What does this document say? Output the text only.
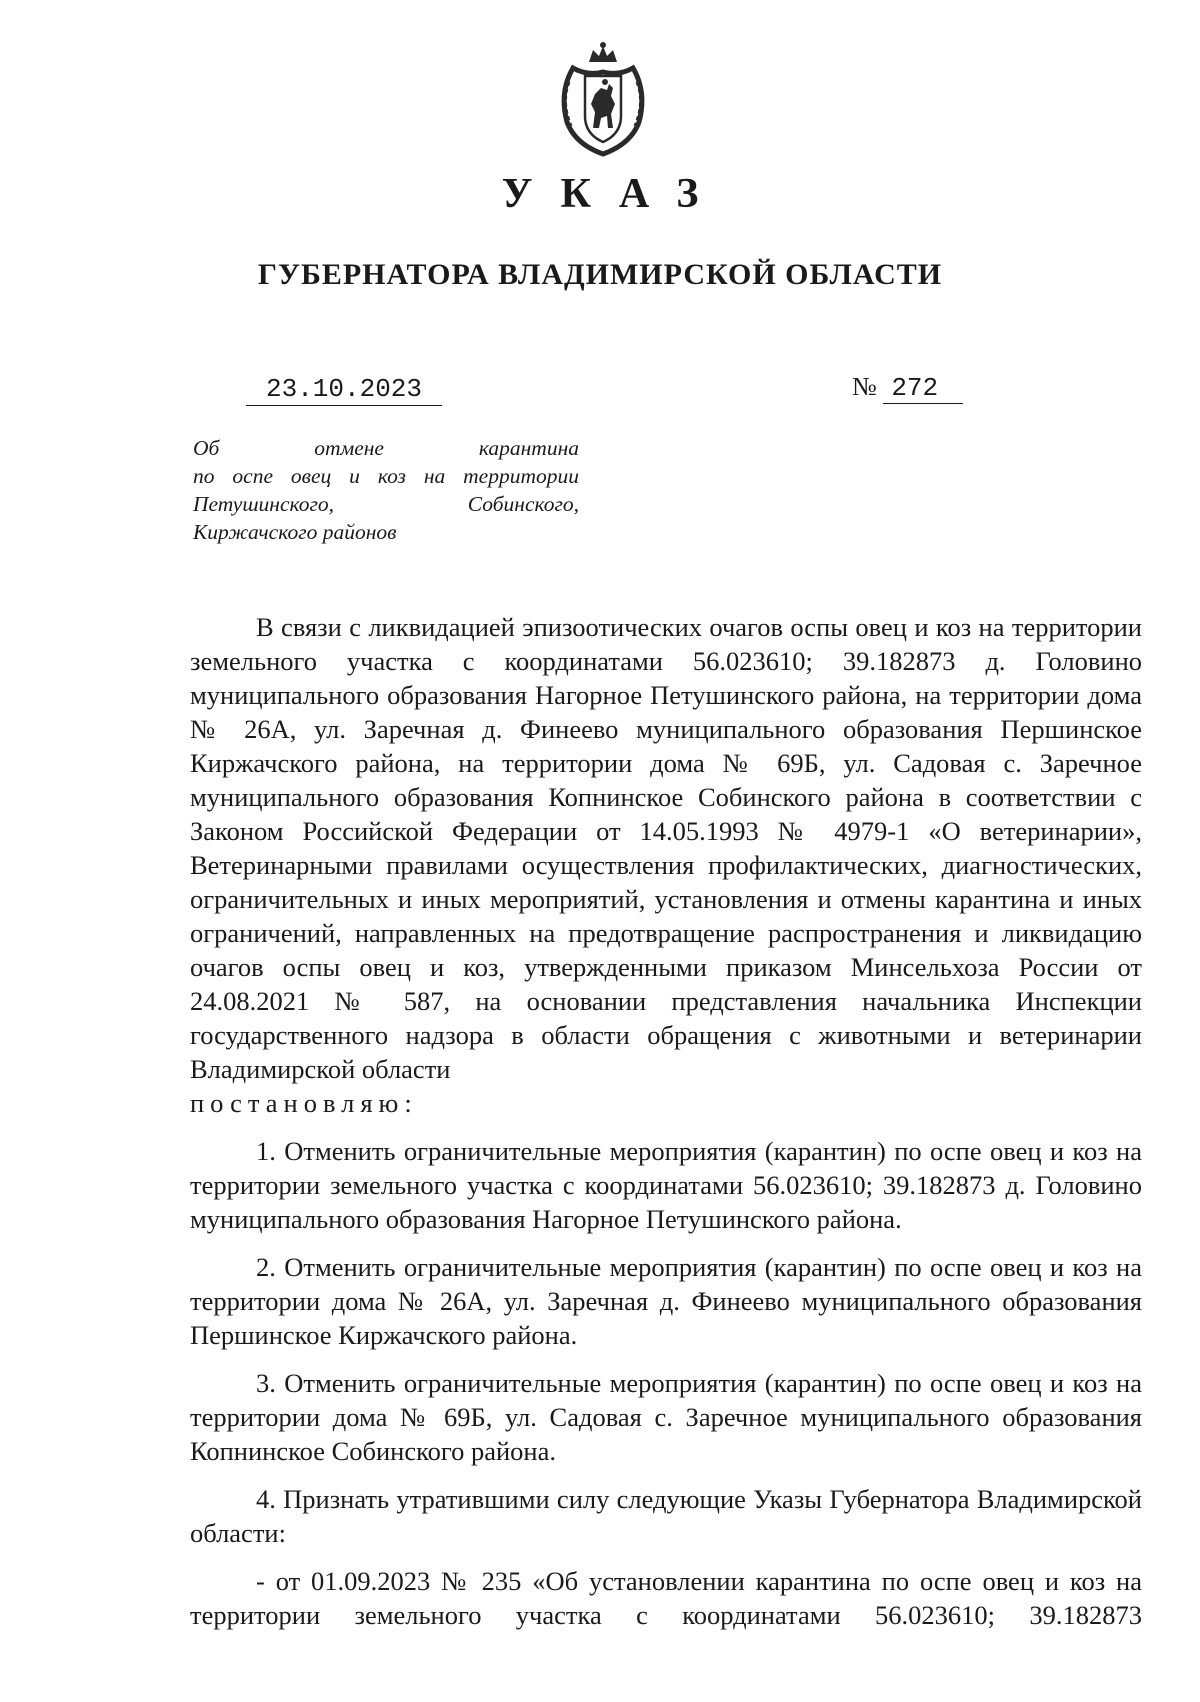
УКАЗ
ГУБЕРНАТОРА ВЛАДИМИРСКОЙ ОБЛАСТИ
23.10.2023	№ 272
Об отмене карантина
по оспе овец и коз на территории
Петушинского, Собинского,
Киржачского районов

В связи с ликвидацией эпизоотических очагов оспы овец и коз на территории земельного участка с координатами 56.023610; 39.182873 д. Головино муниципального образования Нагорное Петушинского района, на территории дома № 26А, ул. Заречная д. Финеево муниципального образования Першинское Киржачского района, на территории дома № 69Б, ул. Садовая с. Заречное муниципального образования Копнинское Собинского района в соответствии с Законом Российской Федерации от 14.05.1993 № 4979-1 «О ветеринарии», Ветеринарными правилами осуществления профилактических, диагностических, ограничительных и иных мероприятий, установления и отмены карантина и иных ограничений, направленных на предотвращение распространения и ликвидацию очагов оспы овец и коз, утвержденными приказом Минсельхоза России от 24.08.2021 № 587, на основании представления начальника Инспекции государственного надзора в области обращения с животными и ветеринарии Владимирской области

постановляю:

1. Отменить ограничительные мероприятия (карантин) по оспе овец и коз на территории земельного участка с координатами 56.023610; 39.182873 д. Головино муниципального образования Нагорное Петушинского района.

2. Отменить ограничительные мероприятия (карантин) по оспе овец и коз на территории дома № 26А, ул. Заречная д. Финеево муниципального образования Першинское Киржачского района.

3. Отменить ограничительные мероприятия (карантин) по оспе овец и коз на территории дома № 69Б, ул. Садовая с. Заречное муниципального образования Копнинское Собинского района.

4. Признать утратившими силу следующие Указы Губернатора Владимирской области:

- от 01.09.2023 № 235 «Об установлении карантина по оспе овец и коз на территории земельного участка с координатами 56.023610; 39.182873
